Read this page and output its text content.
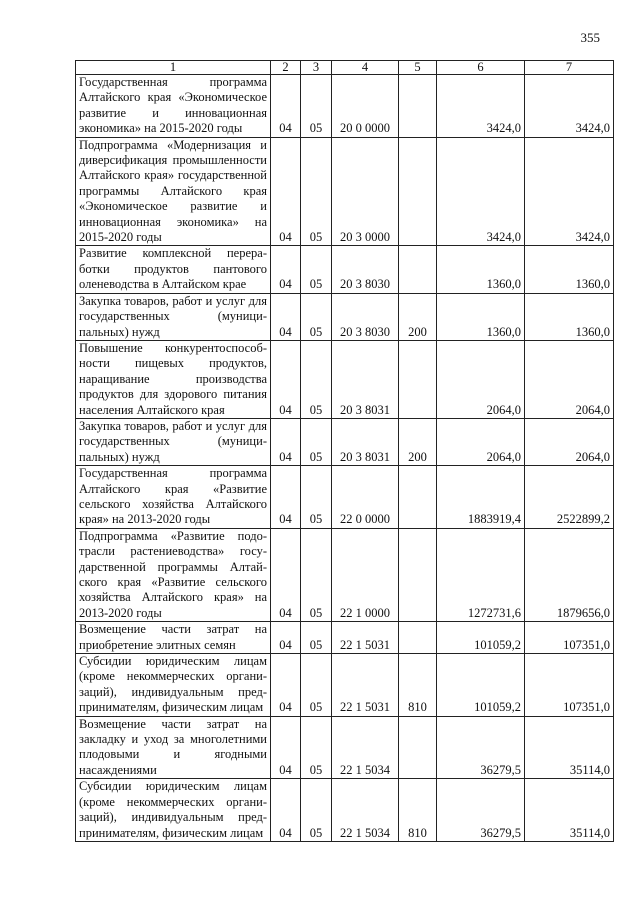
355
1	2	3	4	5	6	7
Государственная программа Алтайского края «Экономическое развитие и инновационная экономика» на 2015-2020 годы	04	05	20 0 0000		3424,0	3424,0
Подпрограмма «Модернизация и диверсификация промышленности Алтайского края» государственной программы Алтайского края «Экономическое развитие и инновационная экономика» на 2015-2020 годы	04	05	20 3 0000		3424,0	3424,0
Развитие комплексной переработки продуктов пантового оленеводства в Алтайском крае	04	05	20 3 8030		1360,0	1360,0
Закупка товаров, работ и услуг для государственных (муниципальных) нужд	04	05	20 3 8030	200	1360,0	1360,0
Повышение конкурентоспособности пищевых продуктов, наращивание производства продуктов для здорового питания населения Алтайского края	04	05	20 3 8031		2064,0	2064,0
Закупка товаров, работ и услуг для государственных (муниципальных) нужд	04	05	20 3 8031	200	2064,0	2064,0
Государственная программа Алтайского края «Развитие сельского хозяйства Алтайского края» на 2013-2020 годы	04	05	22 0 0000		1883919,4	2522899,2
Подпрограмма «Развитие подотрасли растениеводства» государственной программы Алтайского края «Развитие сельского хозяйства Алтайского края» на 2013-2020 годы	04	05	22 1 0000		1272731,6	1879656,0
Возмещение части затрат на приобретение элитных семян	04	05	22 1 5031		101059,2	107351,0
Субсидии юридическим лицам (кроме некоммерческих организаций), индивидуальным предпринимателям, физическим лицам	04	05	22 1 5031	810	101059,2	107351,0
Возмещение части затрат на закладку и уход за многолетними плодовыми и ягодными насаждениями	04	05	22 1 5034		36279,5	35114,0
Субсидии юридическим лицам (кроме некоммерческих организаций), индивидуальным предпринимателям, физическим лицам	04	05	22 1 5034	810	36279,5	35114,0
